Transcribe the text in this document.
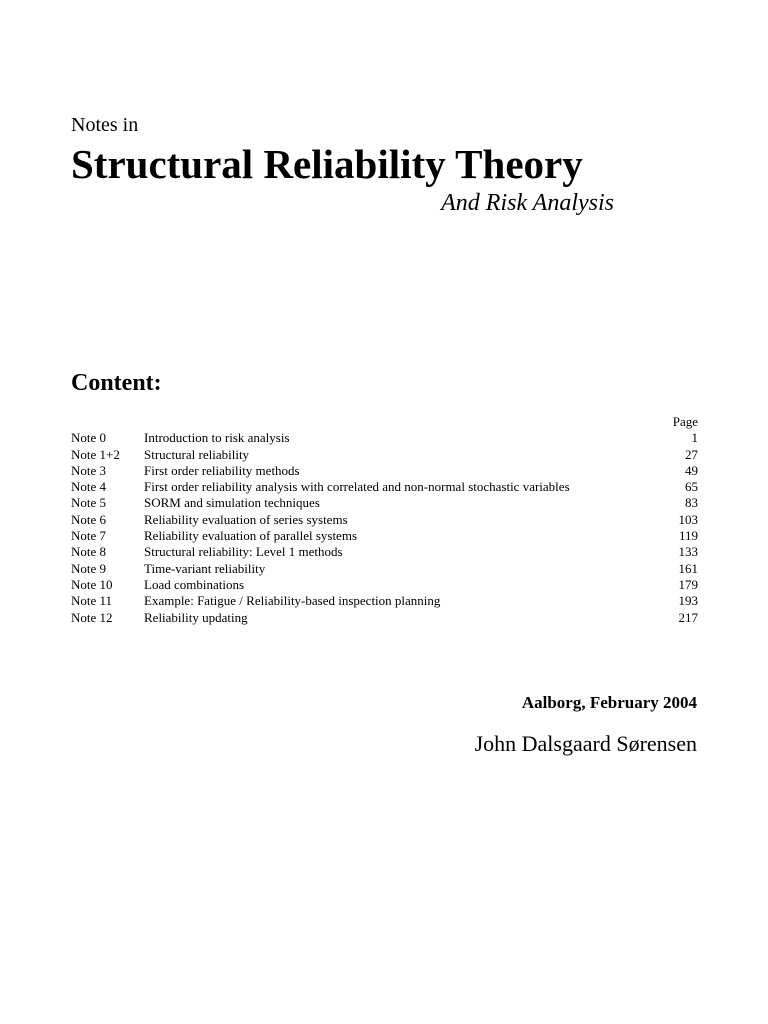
Notes in
Structural Reliability Theory
And Risk Analysis
Content:
Page
Note 0	Introduction to risk analysis	1
Note 1+2	Structural reliability	27
Note 3	First order reliability methods	49
Note 4	First order reliability analysis with correlated and non-normal stochastic variables	65
Note 5	SORM and simulation techniques	83
Note 6	Reliability evaluation of series systems	103
Note 7	Reliability evaluation of parallel systems	119
Note 8	Structural reliability: Level 1 methods	133
Note 9	Time-variant reliability	161
Note 10	Load combinations	179
Note 11	Example: Fatigue / Reliability-based inspection planning	193
Note 12	Reliability updating	217
Aalborg, February 2004
John Dalsgaard Sørensen
